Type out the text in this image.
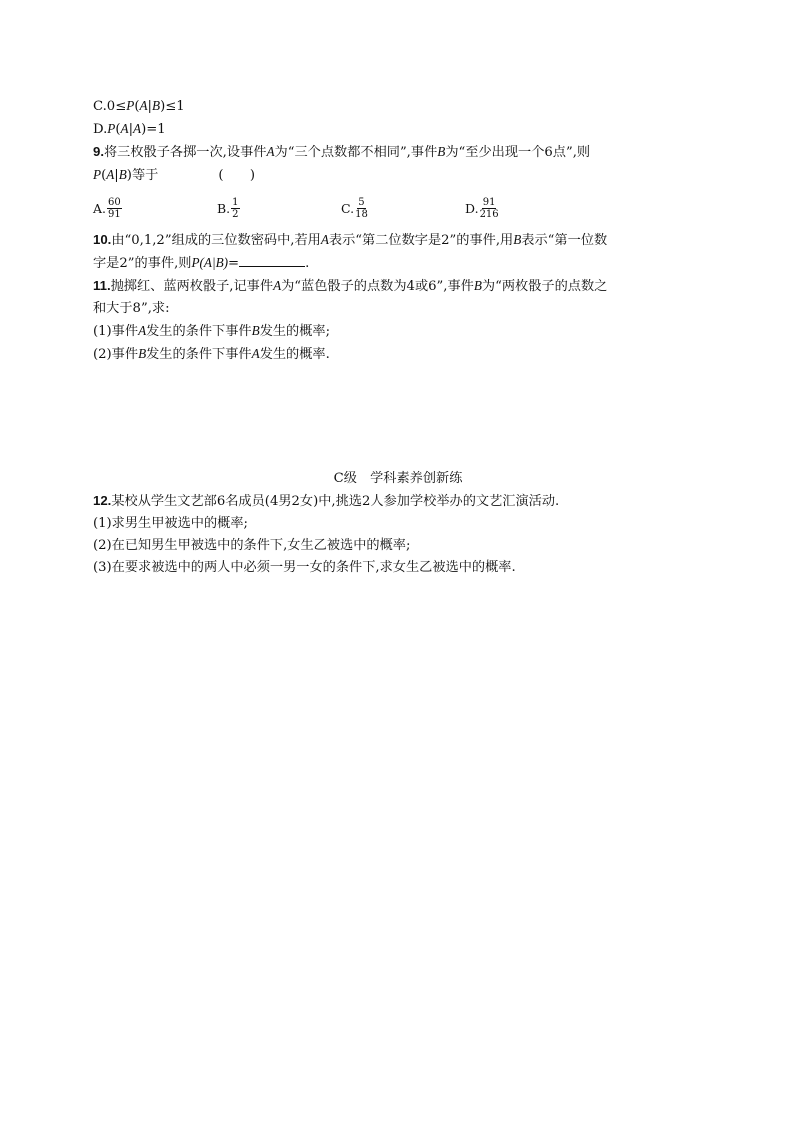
C.0≤P(A|B)≤1
D.P(A|A)=1
9.将三枚骰子各掷一次,设事件A为“三个点数都不相同”,事件B为“至少出现一个6点”,则
P(A|B)等于	(　　)
A. $\frac{60}{91}$	B. $\frac{1}{2}$	C. $\frac{5}{18}$	D. $\frac{91}{216}$
10.由“0,1,2”组成的三位数密码中,若用A表示“第二位数字是2”的事件,用B表示“第一位数
字是2”的事件,则P(A|B)=	.
11.抛掷红、蓝两枚骰子,记事件A为“蓝色骰子的点数为4或6”,事件B为“两枚骰子的点数之
和大于8”,求:
(1)事件A发生的条件下事件B发生的概率;
(2)事件B发生的条件下事件A发生的概率.
C级　学科素养创新练
12.某校从学生文艺部6名成员(4男2女)中,挑选2人参加学校举办的文艺汇演活动.
(1)求男生甲被选中的概率;
(2)在已知男生甲被选中的条件下,女生乙被选中的概率;
(3)在要求被选中的两人中必须一男一女的条件下,求女生乙被选中的概率.
